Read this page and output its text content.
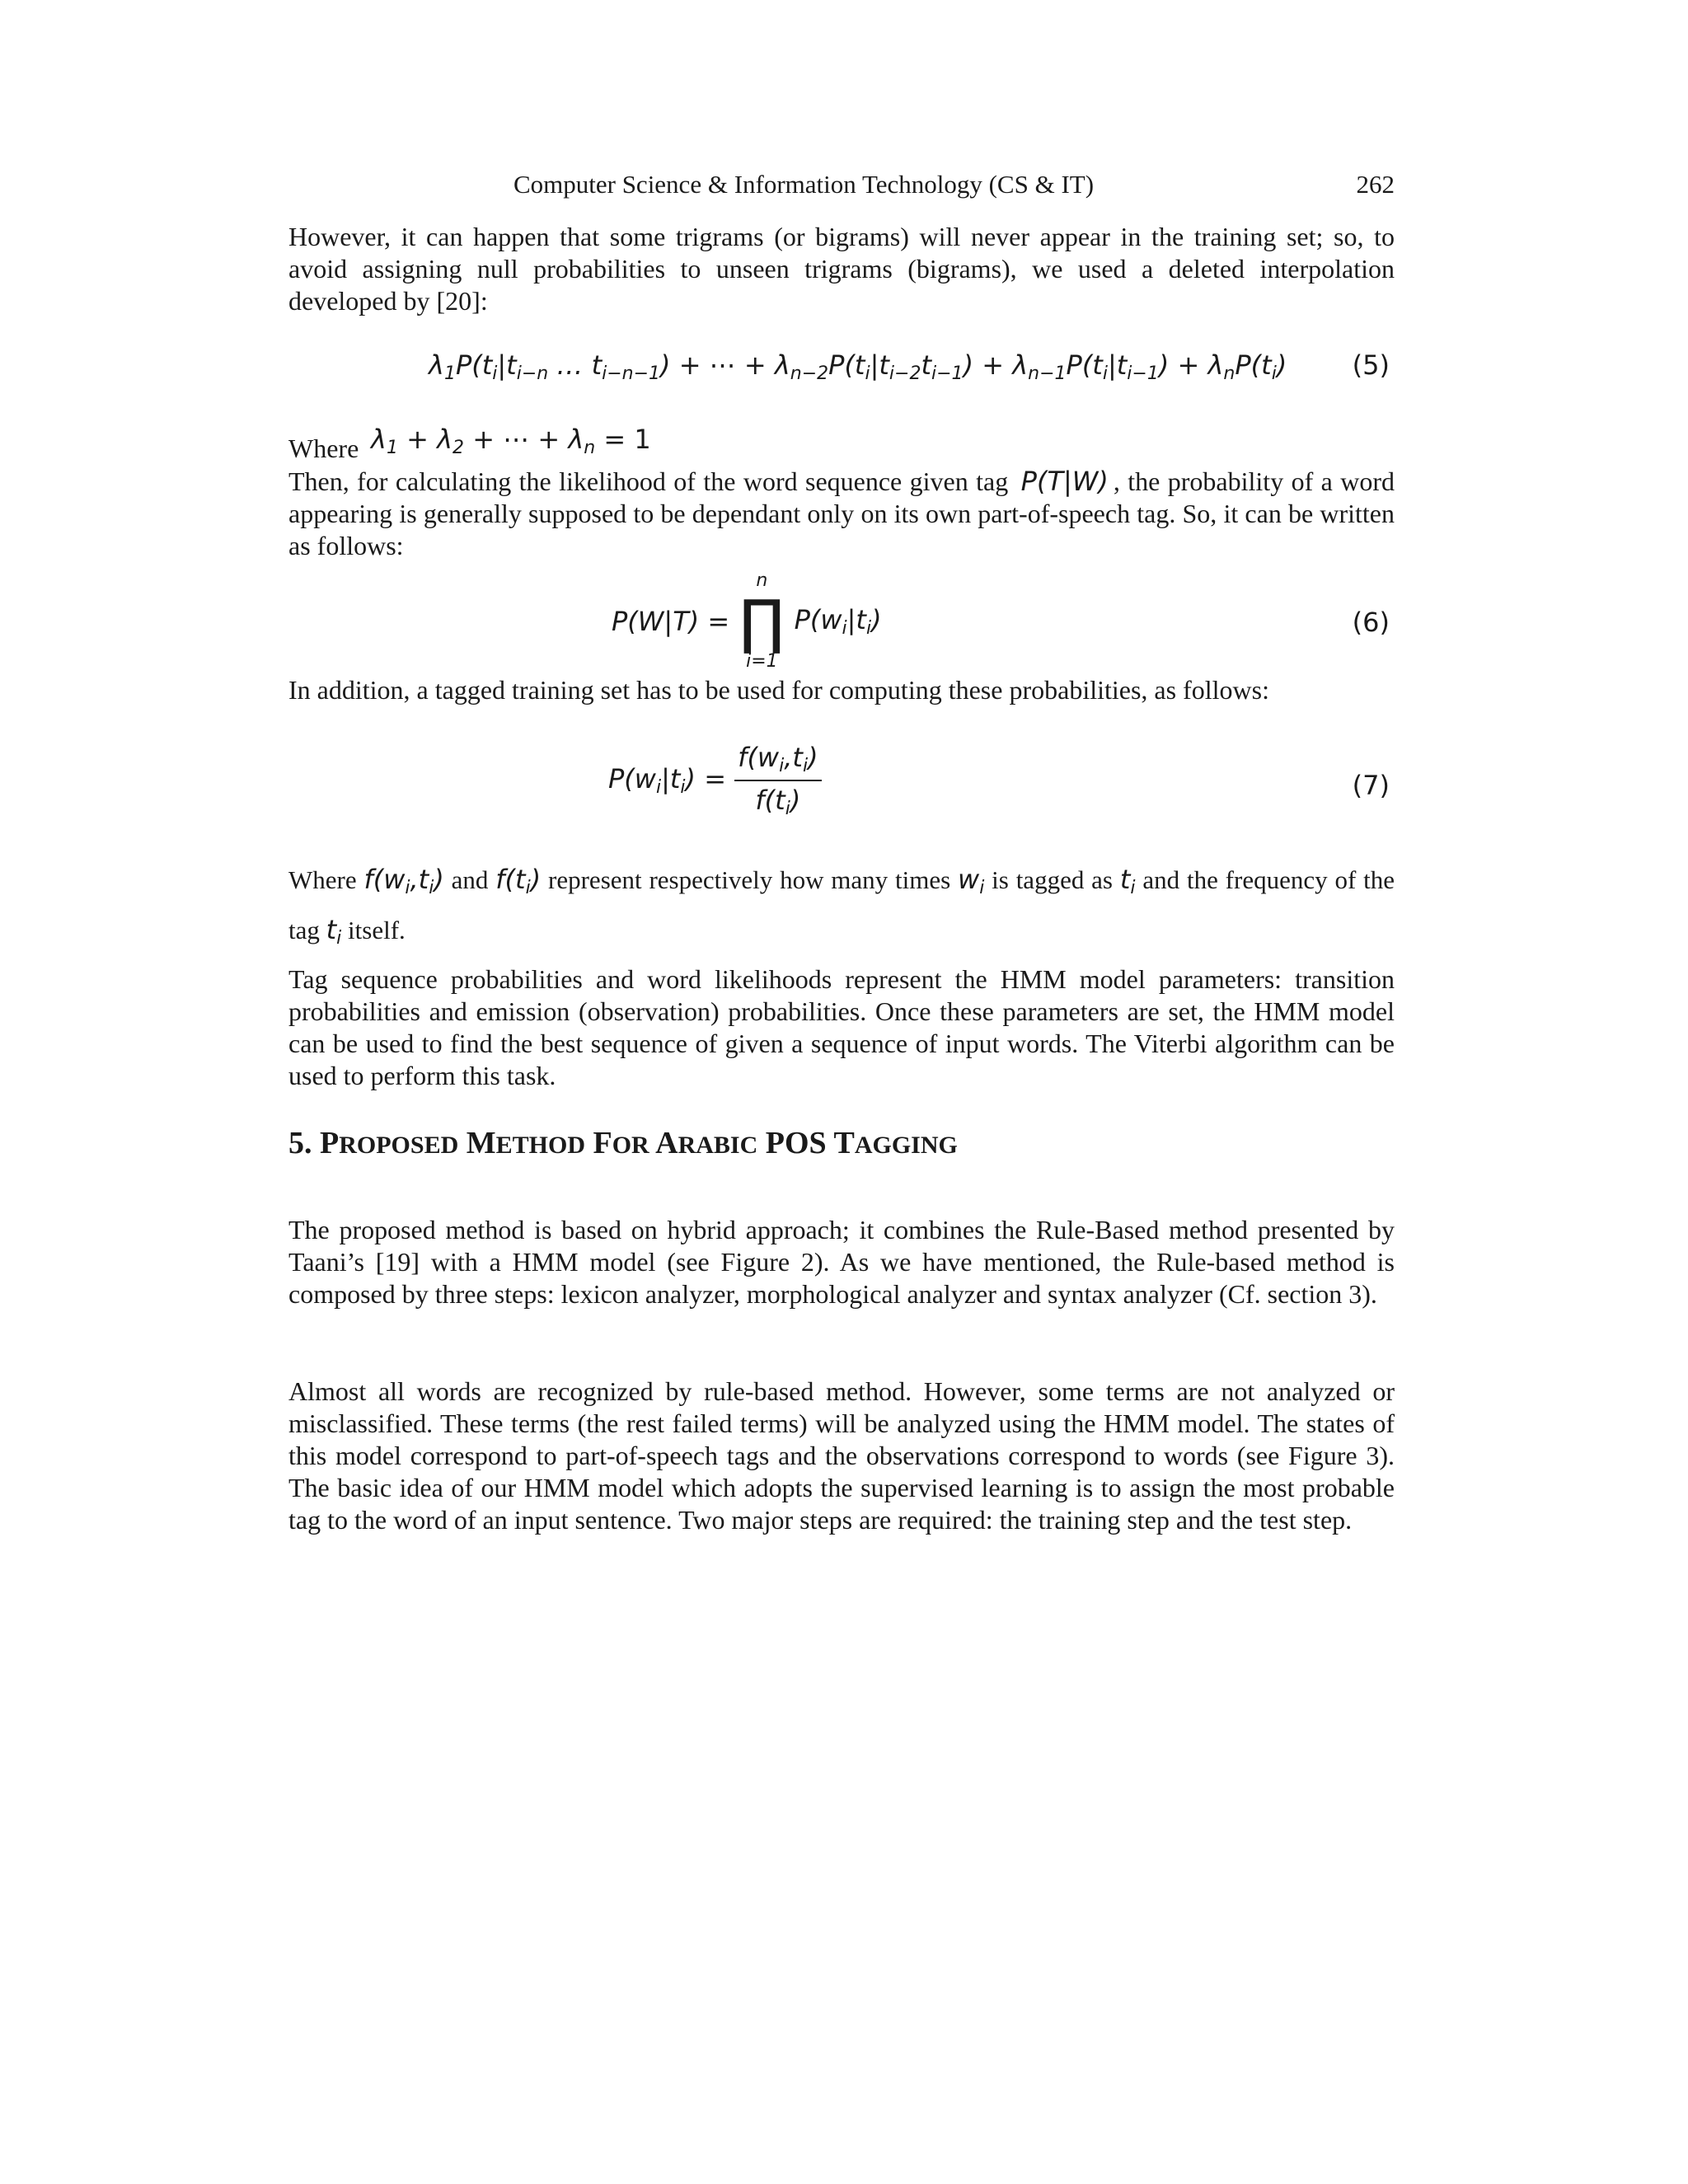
Computer Science & Information Technology (CS & IT)	262

However, it can happen that some trigrams (or bigrams) will never appear in the training set; so, to avoid assigning null probabilities to unseen trigrams (bigrams), we used a deleted interpolation developed by [20]:

$\lambda_1P(t_i|t_{i-n}$ … $t_{i-n-1}$) + ⋯ + $\lambda_{n-2}P(t_i|t_{i-2}t_{i-1}) + \lambda_{n-1}P(t_i|t_{i-1}) + \lambda_nP(t_i)$ (5)
Where $\lambda_1 + \lambda_2$ + ⋯ + $\lambda_n = 1$

Then, for calculating the likelihood of the word sequence given tag P(T|W) , the probability of a word appearing is generally supposed to be dependant only on its own part-of-speech tag. So, it can be written as follows:

P(W|T) =
n
∏
i=1
$P(w_i|t_i)$	(6)

In addition, a tagged training set has to be used for computing these probabilities, as follows:

$P(w_i|t_i) = \frac{f(w_i,t_i)}{f(t_i)}$	(7)

Where $f(w_i,t_i)$ and $f(t_i)$ represent respectively how many times $w_i$ is tagged as $t_i$ and the frequency of the tag $t_i$ itself.

Tag sequence probabilities and word likelihoods represent the HMM model parameters: transition probabilities and emission (observation) probabilities. Once these parameters are set, the HMM model can be used to find the best sequence of given a sequence of input words. The Viterbi algorithm can be used to perform this task.

5. PROPOSED METHOD FOR ARABIC POS TAGGING

The proposed method is based on hybrid approach; it combines the Rule-Based method presented by Taani’s [19] with a HMM model (see Figure 2). As we have mentioned, the Rule-based method is composed by three steps: lexicon analyzer, morphological analyzer and syntax analyzer (Cf. section 3).

Almost all words are recognized by rule-based method. However, some terms are not analyzed or misclassified. These terms (the rest failed terms) will be analyzed using the HMM model. The states of this model correspond to part-of-speech tags and the observations correspond to words (see Figure 3). The basic idea of our HMM model which adopts the supervised learning is to assign the most probable tag to the word of an input sentence. Two major steps are required: the training step and the test step.
